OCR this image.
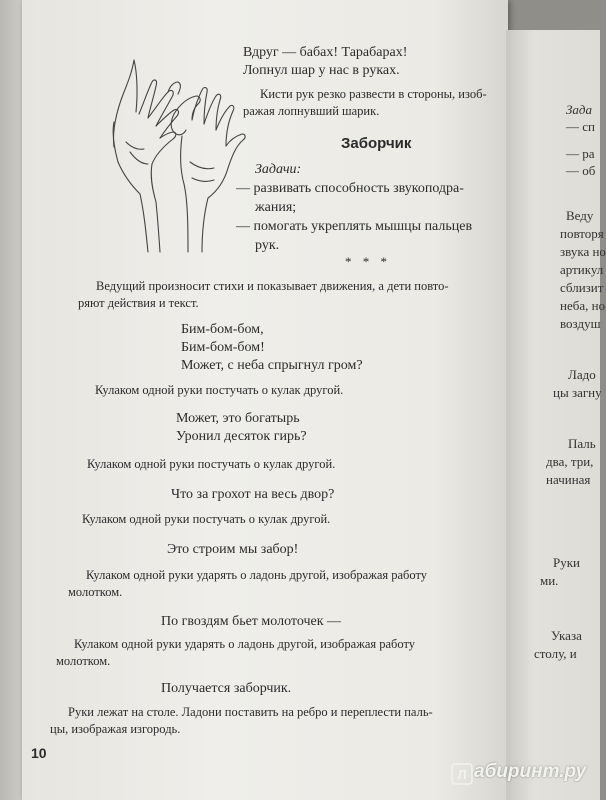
Вдруг — бабах! Тарабарах!
Лопнул шар у нас в руках.
Кисти рук резко развести в стороны, изоб-
ражая лопнувший шарик.
Заборчик
Задачи:
— развивать способность звукоподра-
жания;
— помогать укреплять мышцы пальцев
рук.
* * *
Ведущий произносит стихи и показывает движения, а дети повто-
ряют действия и текст.
Бим-бом-бом,
Бим-бом-бом!
Может, с неба спрыгнул гром?
Кулаком одной руки постучать о кулак другой.
Может, это богатырь
Уронил десяток гирь?
Кулаком одной руки постучать о кулак другой.
Что за грохот на весь двор?
Кулаком одной руки постучать о кулак другой.
Это строим мы забор!
Кулаком одной руки ударять о ладонь другой, изображая работу
молотком.
По гвоздям бьет молоточек —
Кулаком одной руки ударять о ладонь другой, изображая работу
молотком.
Получается заборчик.
Руки лежат на столе. Ладони поставить на ребро и переплести паль-
цы, изображая изгородь.
10
Зада
— сп
— ра
— об
Веду
повторя
звука но
артикул
сблизит
неба, но
воздуш
Ладо
цы загну
Паль
два, три,
начиная
Руки
ми.
Указа
столу, и
Л абиринт.ру
